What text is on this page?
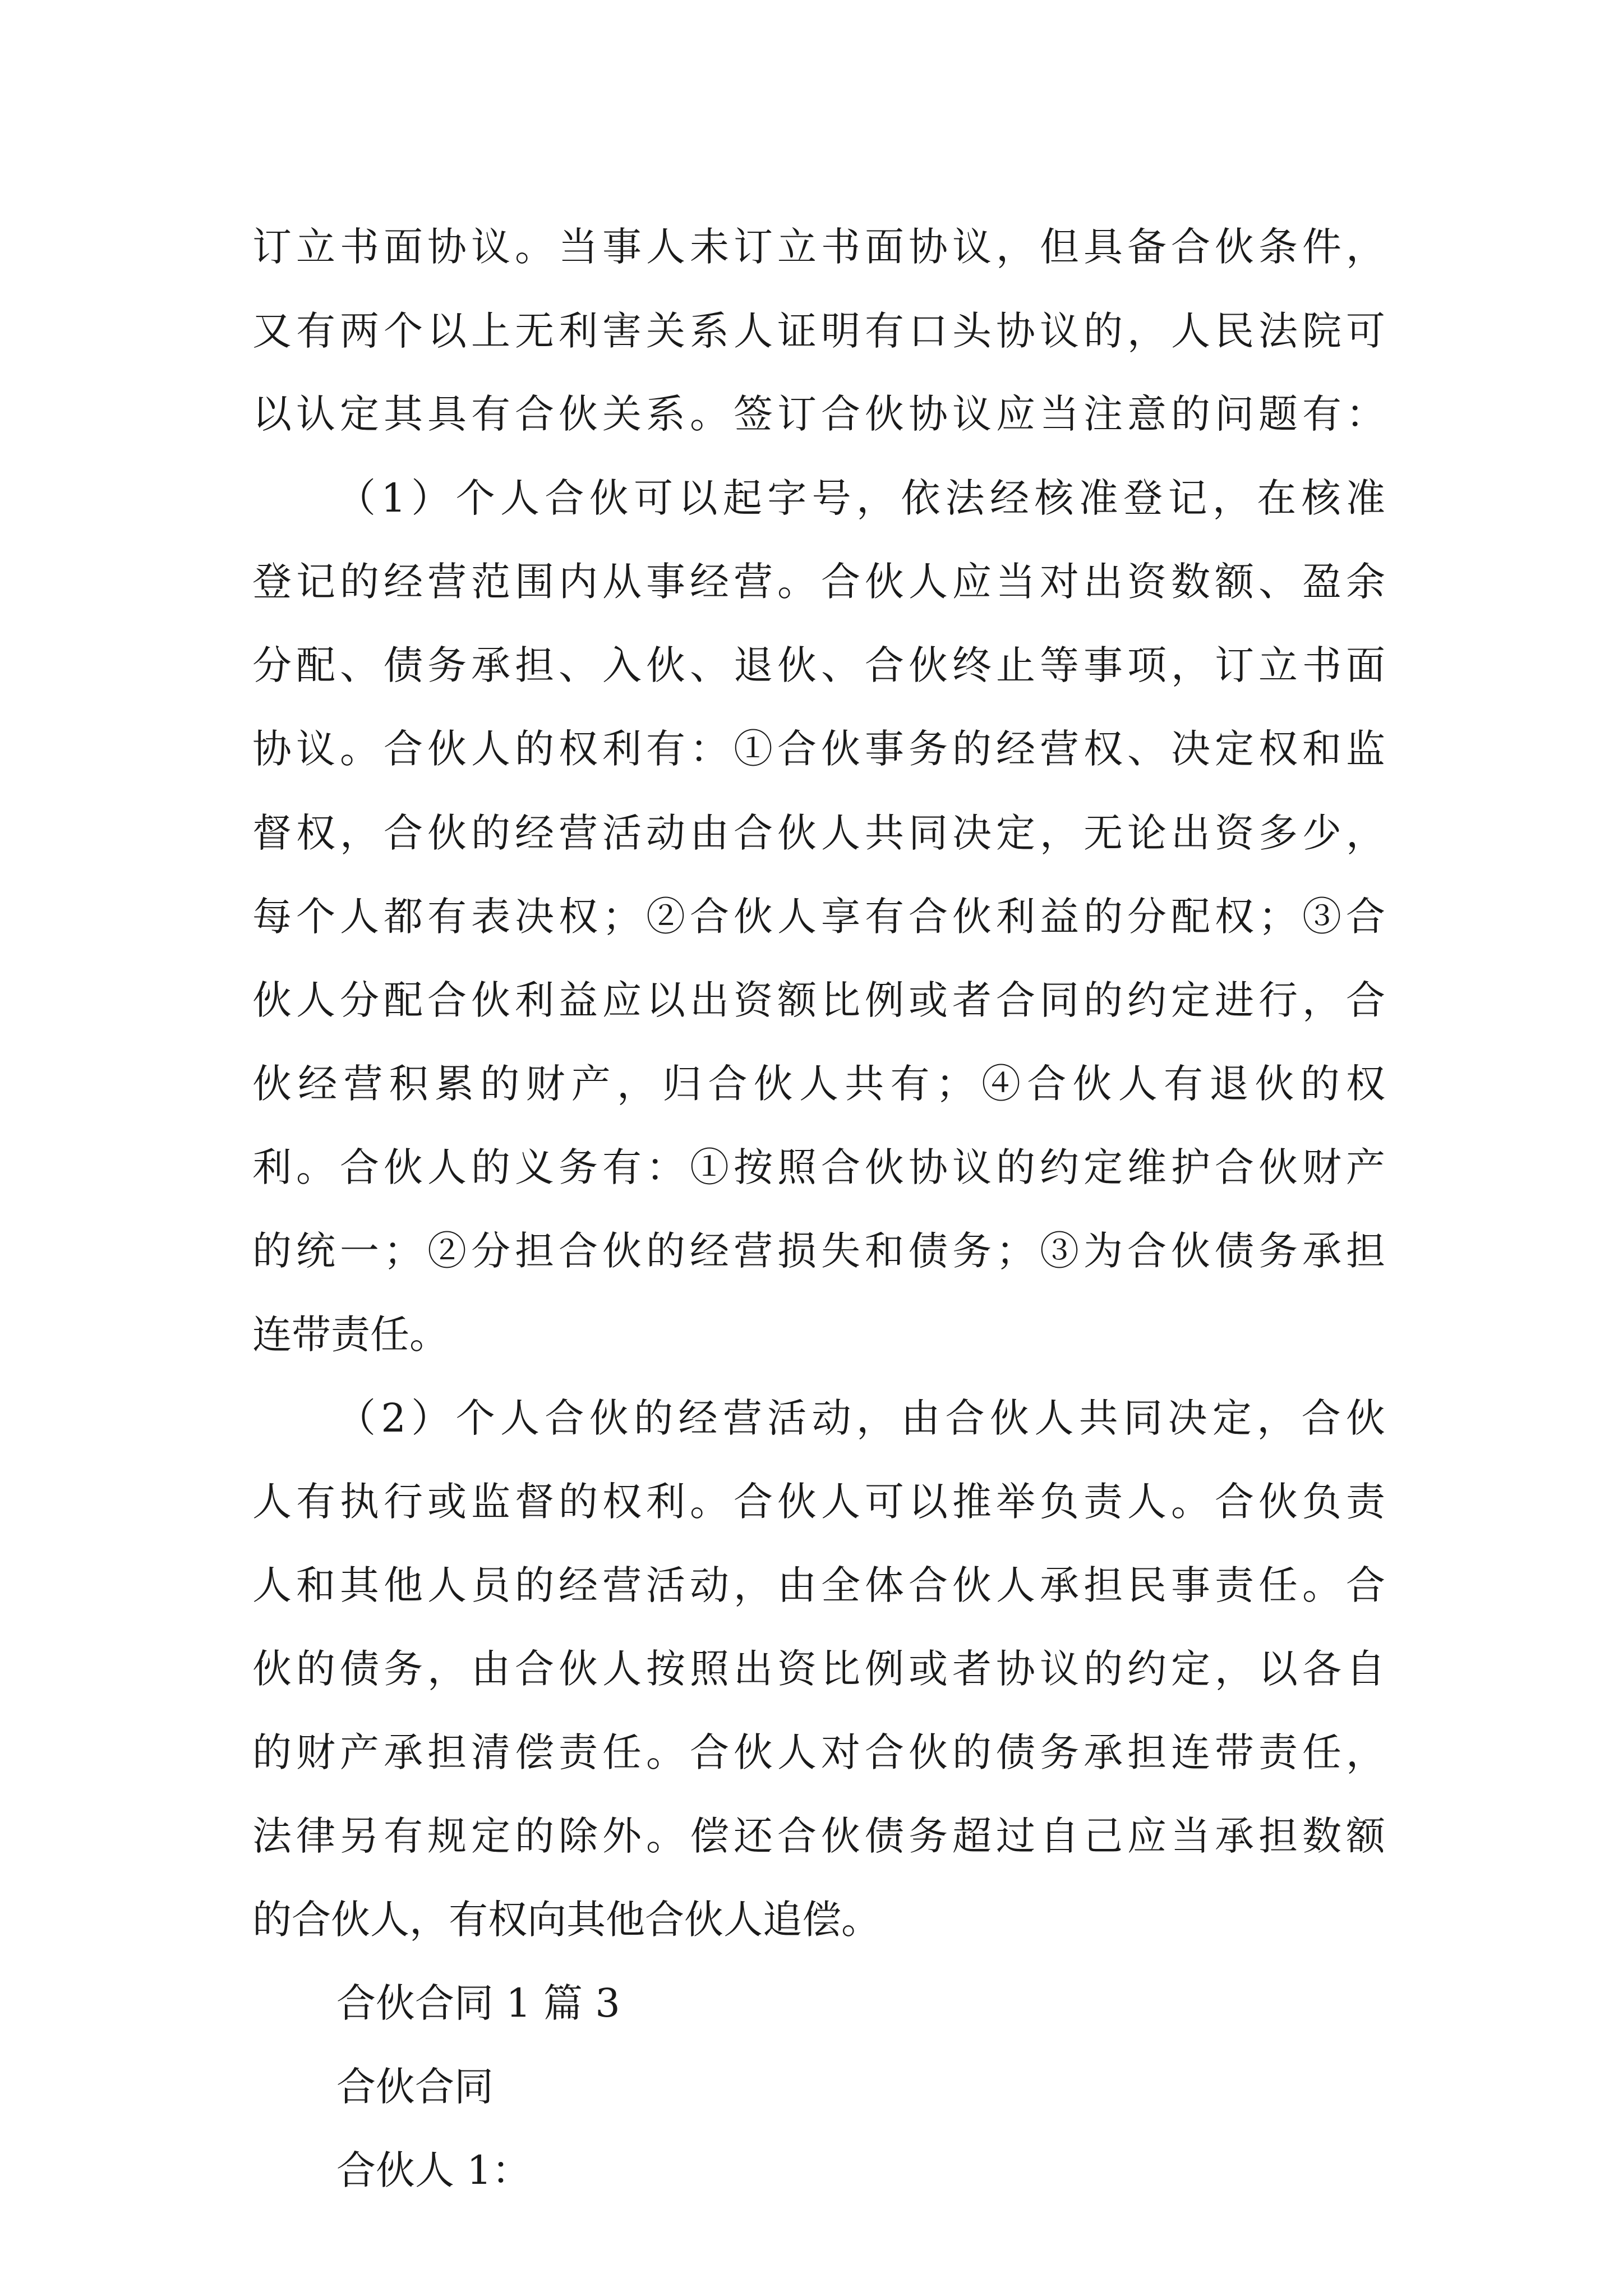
订立书面协议。当事人未订立书面协议，但具备合伙条件，
又有两个以上无利害关系人证明有口头协议的，人民法院可
以认定其具有合伙关系。签订合伙协议应当注意的问题有：
（1）个人合伙可以起字号，依法经核准登记，在核准
登记的经营范围内从事经营。合伙人应当对出资数额、盈余
分配、债务承担、入伙、退伙、合伙终止等事项，订立书面
协议。合伙人的权利有：①合伙事务的经营权、决定权和监
督权，合伙的经营活动由合伙人共同决定，无论出资多少，
每个人都有表决权；②合伙人享有合伙利益的分配权；③合
伙人分配合伙利益应以出资额比例或者合同的约定进行，合
伙经营积累的财产，归合伙人共有；④合伙人有退伙的权
利。合伙人的义务有：①按照合伙协议的约定维护合伙财产
的统一；②分担合伙的经营损失和债务；③为合伙债务承担
连带责任。
（2）个人合伙的经营活动，由合伙人共同决定，合伙
人有执行或监督的权利。合伙人可以推举负责人。合伙负责
人和其他人员的经营活动，由全体合伙人承担民事责任。合
伙的债务，由合伙人按照出资比例或者协议的约定，以各自
的财产承担清偿责任。合伙人对合伙的债务承担连带责任，
法律另有规定的除外。偿还合伙债务超过自己应当承担数额
的合伙人，有权向其他合伙人追偿。
合伙合同 1 篇 3
合伙合同
合伙人 1：
